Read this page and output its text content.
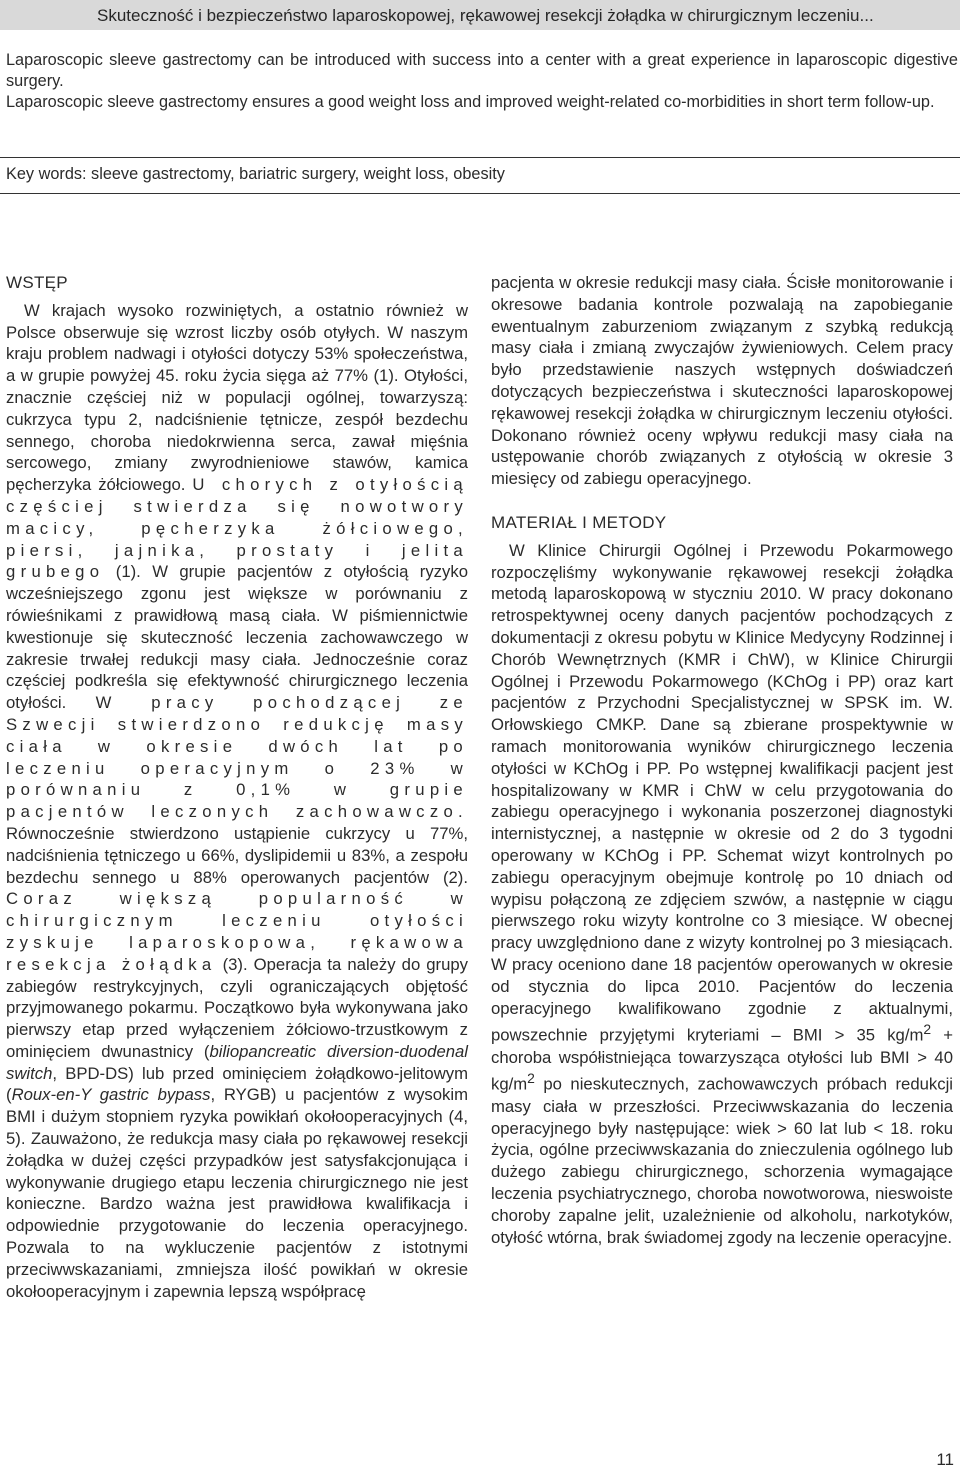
Skuteczność i bezpieczeństwo laparoskopowej, rękawowej resekcji żołądka w chirurgicznym leczeniu...

Laparoscopic sleeve gastrectomy can be introduced with success into a center with a great experience in laparoscopic digestive surgery.

Laparoscopic sleeve gastrectomy ensures a good weight loss and improved weight-related co-morbidities in short term follow-up.

Key words: sleeve gastrectomy, bariatric surgery, weight loss, obesity
WSTĘP

W krajach wysoko rozwiniętych, a ostatnio również w Polsce obserwuje się wzrost liczby osób otyłych. W naszym kraju problem nadwagi i otyłości dotyczy 53% społeczeństwa, a w grupie powyżej 45. roku życia sięga aż 77% (1). Otyłości, znacznie częściej niż w populacji ogólnej, towarzyszą: cukrzyca typu 2, nadciśnienie tętnicze, zespół bezdechu sennego, choroba niedokrwienna serca, zawał mięśnia sercowego, zmiany zwyrodnieniowe stawów, kamica pęcherzyka żółciowego. U chorych z otyłością częściej stwierdza się nowotwory macicy, pęcherzyka żółciowego, piersi, jajnika, prostaty i jelita grubego (1). W grupie pacjentów z otyłością ryzyko wcześniejszego zgonu jest większe w porównaniu z rówieśnikami z prawidłową masą ciała. W piśmiennictwie kwestionuje się skuteczność leczenia zachowawczego w zakresie trwałej redukcji masy ciała. Jednocześnie coraz częściej podkreśla się efektywność chirurgicznego leczenia otyłości. W pracy pochodzącej ze Szwecji stwierdzono redukcję masy ciała w okresie dwóch lat po leczeniu operacyjnym o 23% w porównaniu z 0,1% w grupie pacjentów leczonych zachowawczo. Równocześnie stwierdzono ustąpienie cukrzycy u 77%, nadciśnienia tętniczego u 66%, dyslipidemii u 83%, a zespołu bezdechu sennego u 88% operowanych pacjentów (2). Coraz większą popularność w chirurgicznym leczeniu otyłości zyskuje laparoskopowa, rękawowa resekcja żołądka (3). Operacja ta należy do grupy zabiegów restrykcyjnych, czyli ograniczających objętość przyjmowanego pokarmu. Początkowo była wykonywana jako pierwszy etap przed wyłączeniem żółciowo-trzustkowym z ominięciem dwunastnicy (biliopancreatic diversion-duodenal switch, BPD-DS) lub przed ominięciem żołądkowo-jelitowym (Roux-en-Y gastric bypass, RYGB) u pacjentów z wysokim BMI i dużym stopniem ryzyka powikłań okołooperacyjnych (4, 5). Zauważono, że redukcja masy ciała po rękawowej resekcji żołądka w dużej części przypadków jest satysfakcjonująca i wykonywanie drugiego etapu leczenia chirurgicznego nie jest konieczne. Bardzo ważna jest prawidłowa kwalifikacja i odpowiednie przygotowanie do leczenia operacyjnego. Pozwala to na wykluczenie pacjentów z istotnymi przeciwwskazaniami, zmniejsza ilość powikłań w okresie okołooperacyjnym i zapewnia lepszą współpracę

pacjenta w okresie redukcji masy ciała. Ścisłe monitorowanie i okresowe badania kontrole pozwalają na zapobieganie ewentualnym zaburzeniom związanym z szybką redukcją masy ciała i zmianą zwyczajów żywieniowych. Celem pracy było przedstawienie naszych wstępnych doświadczeń dotyczących bezpieczeństwa i skuteczności laparoskopowej rękawowej resekcji żołądka w chirurgicznym leczeniu otyłości. Dokonano również oceny wpływu redukcji masy ciała na ustępowanie chorób związanych z otyłością w okresie 3 miesięcy od zabiegu operacyjnego.

MATERIAŁ I METODY

W Klinice Chirurgii Ogólnej i Przewodu Pokarmowego rozpoczęliśmy wykonywanie rękawowej resekcji żołądka metodą laparoskopową w styczniu 2010. W pracy dokonano retrospektywnej oceny danych pacjentów pochodzących z dokumentacji z okresu pobytu w Klinice Medycyny Rodzinnej i Chorób Wewnętrznych (KMR i ChW), w Klinice Chirurgii Ogólnej i Przewodu Pokarmowego (KChOg i PP) oraz kart pacjentów z Przychodni Specjalistycznej w SPSK im. W. Orłowskiego CMKP. Dane są zbierane prospektywnie w ramach monitorowania wyników chirurgicznego leczenia otyłości w KChOg i PP. Po wstępnej kwalifikacji pacjent jest hospitalizowany w KMR i ChW w celu przygotowania do zabiegu operacyjnego i wykonania poszerzonej diagnostyki internistycznej, a następnie w okresie od 2 do 3 tygodni operowany w KChOg i PP. Schemat wizyt kontrolnych po zabiegu operacyjnym obejmuje kontrolę po 10 dniach od wypisu połączoną ze zdjęciem szwów, a następnie w ciągu pierwszego roku wizyty kontrolne co 3 miesiące. W obecnej pracy uwzględniono dane z wizyty kontrolnej po 3 miesiącach. W pracy oceniono dane 18 pacjentów operowanych w okresie od stycznia do lipca 2010. Pacjentów do leczenia operacyjnego kwalifikowano zgodnie z aktualnymi, powszechnie przyjętymi kryteriami – BMI > 35 $kg/m^2$ + choroba współistniejąca towarzysząca otyłości lub BMI > 40 $kg/m^2$ po nieskutecznych, zachowawczych próbach redukcji masy ciała w przeszłości. Przeciwwskazania do leczenia operacyjnego były następujące: wiek > 60 lat lub < 18. roku życia, ogólne przeciwwskazania do znieczulenia ogólnego lub dużego zabiegu chirurgicznego, schorzenia wymagające leczenia psychiatrycznego, choroba nowotworowa, nieswoiste choroby zapalne jelit, uzależnienie od alkoholu, narkotyków, otyłość wtórna, brak świadomej zgody na leczenie operacyjne.

11
